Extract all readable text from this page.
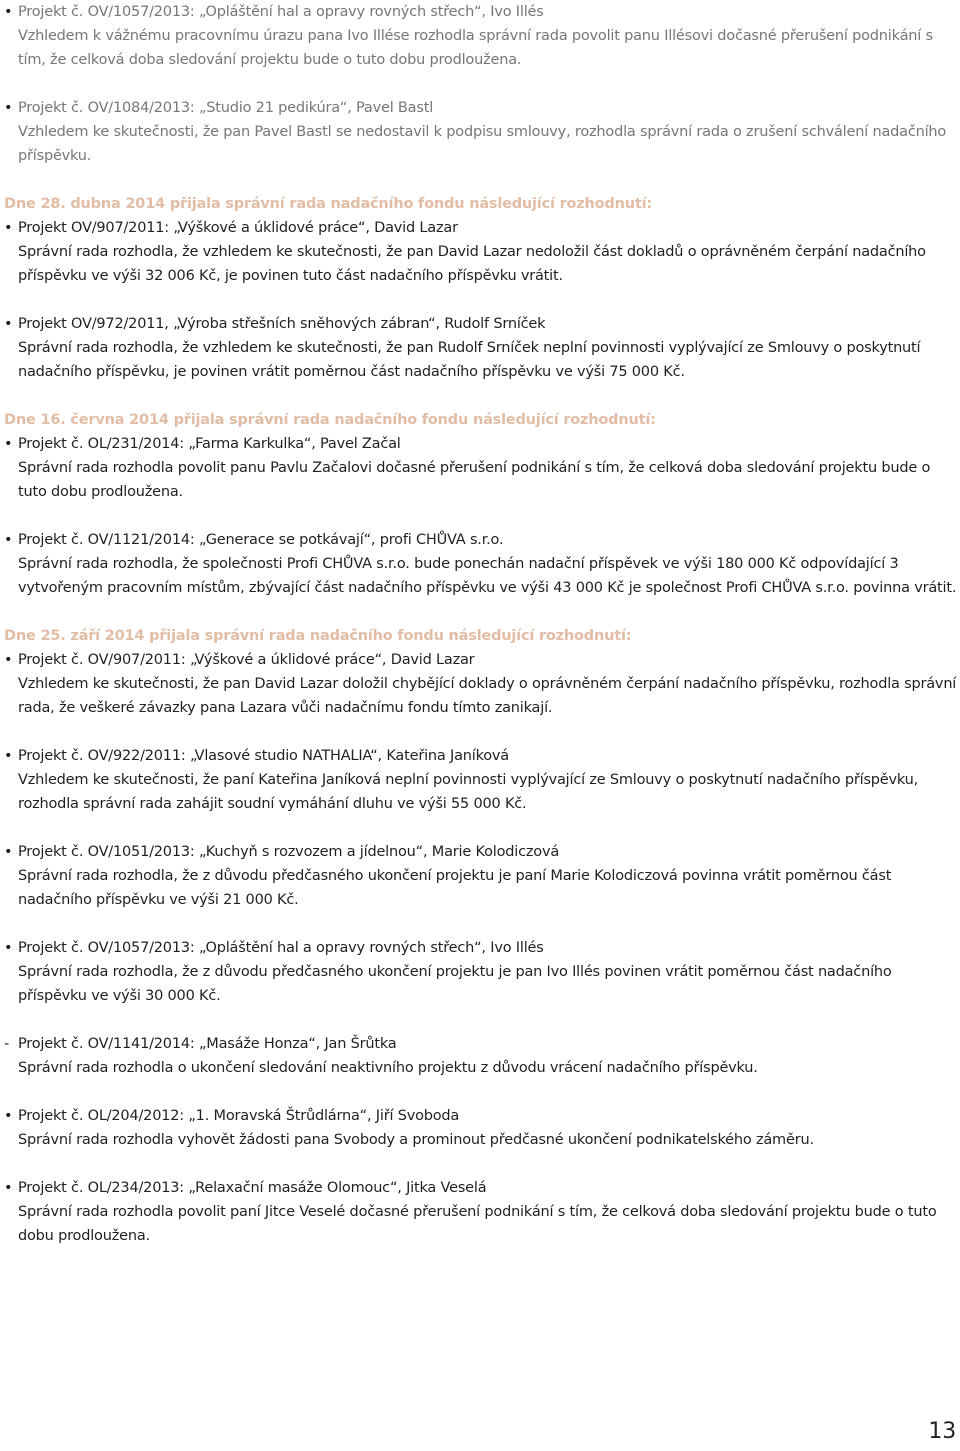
• Projekt č. OV/1057/2013: „Opláštění hal a opravy rovných střech“, Ivo Illés
Vzhledem k vážnému pracovnímu úrazu pana Ivo Illése rozhodla správní rada povolit panu Illésovi dočasné přerušení podnikání s tím, že celková doba sledování projektu bude o tuto dobu prodloužena.
• Projekt č. OV/1084/2013: „Studio 21 pedikúra“, Pavel Bastl
Vzhledem ke skutečnosti, že pan Pavel Bastl se nedostavil k podpisu smlouvy, rozhodla správní rada o zrušení schválení nadačního příspěvku.
Dne 28. dubna 2014 přijala správní rada nadačního fondu následující rozhodnutí:
• Projekt OV/907/2011: „Výškové a úklidové práce“, David Lazar
Správní rada rozhodla, že vzhledem ke skutečnosti, že pan David Lazar nedoložil část dokladů o oprávněném čerpání nadačního příspěvku ve výši 32 006 Kč, je povinen tuto část nadačního příspěvku vrátit.
• Projekt OV/972/2011, „Výroba střešních sněhových zábran“, Rudolf Srníček
Správní rada rozhodla, že vzhledem ke skutečnosti, že pan Rudolf Srníček neplní povinnosti vyplývající ze Smlouvy o poskytnutí nadačního příspěvku, je povinen vrátit poměrnou část nadačního příspěvku ve výši 75 000 Kč.
Dne 16. června 2014 přijala správní rada nadačního fondu následující rozhodnutí:
• Projekt č. OL/231/2014: „Farma Karkulka“, Pavel Začal
Správní rada rozhodla povolit panu Pavlu Začalovi dočasné přerušení podnikání s tím, že celková doba sledování projektu bude o tuto dobu prodloužena.
• Projekt č. OV/1121/2014: „Generace se potkávají“, profi CHŮVA s.r.o.
Správní rada rozhodla, že společnosti Profi CHŮVA s.r.o. bude ponechán nadační příspěvek ve výši 180 000 Kč odpovídající 3 vytvořeným pracovním místům, zbývající část nadačního příspěvku ve výši 43 000 Kč je společnost Profi CHŮVA s.r.o. povinna vrátit.
Dne 25. září 2014 přijala správní rada nadačního fondu následující rozhodnutí:
• Projekt č. OV/907/2011: „Výškové a úklidové práce“, David Lazar
Vzhledem ke skutečnosti, že pan David Lazar doložil chybějící doklady o oprávněném čerpání nadačního příspěvku, rozhodla správní rada, že veškeré závazky pana Lazara vůči nadačnímu fondu tímto zanikají.
• Projekt č. OV/922/2011: „Vlasové studio NATHALIA“, Kateřina Janíková
Vzhledem ke skutečnosti, že paní Kateřina Janíková neplní povinnosti vyplývající ze Smlouvy o poskytnutí nadačního příspěvku, rozhodla správní rada zahájit soudní vymáhání dluhu ve výši 55 000 Kč.
• Projekt č. OV/1051/2013: „Kuchyň s rozvozem a jídelnou“, Marie Kolodiczová
Správní rada rozhodla, že z důvodu předčasného ukončení projektu je paní Marie Kolodiczová povinna vrátit poměrnou část nadačního příspěvku ve výši 21 000 Kč.
• Projekt č. OV/1057/2013: „Opláštění hal a opravy rovných střech“, Ivo Illés
Správní rada rozhodla, že z důvodu předčasného ukončení projektu je pan Ivo Illés povinen vrátit poměrnou část nadačního příspěvku ve výši 30 000 Kč.
- Projekt č. OV/1141/2014: „Masáže Honza“, Jan Šrůtka
Správní rada rozhodla o ukončení sledování neaktivního projektu z důvodu vrácení nadačního příspěvku.
• Projekt č. OL/204/2012: „1. Moravská Štrůdlárna“, Jiří Svoboda
Správní rada rozhodla vyhovět žádosti pana Svobody a prominout předčasné ukončení podnikatelského záměru.
• Projekt č. OL/234/2013: „Relaxační masáže Olomouc“, Jitka Veselá
Správní rada rozhodla povolit paní Jitce Veselé dočasné přerušení podnikání s tím, že celková doba sledování projektu bude o tuto dobu prodloužena.
13
